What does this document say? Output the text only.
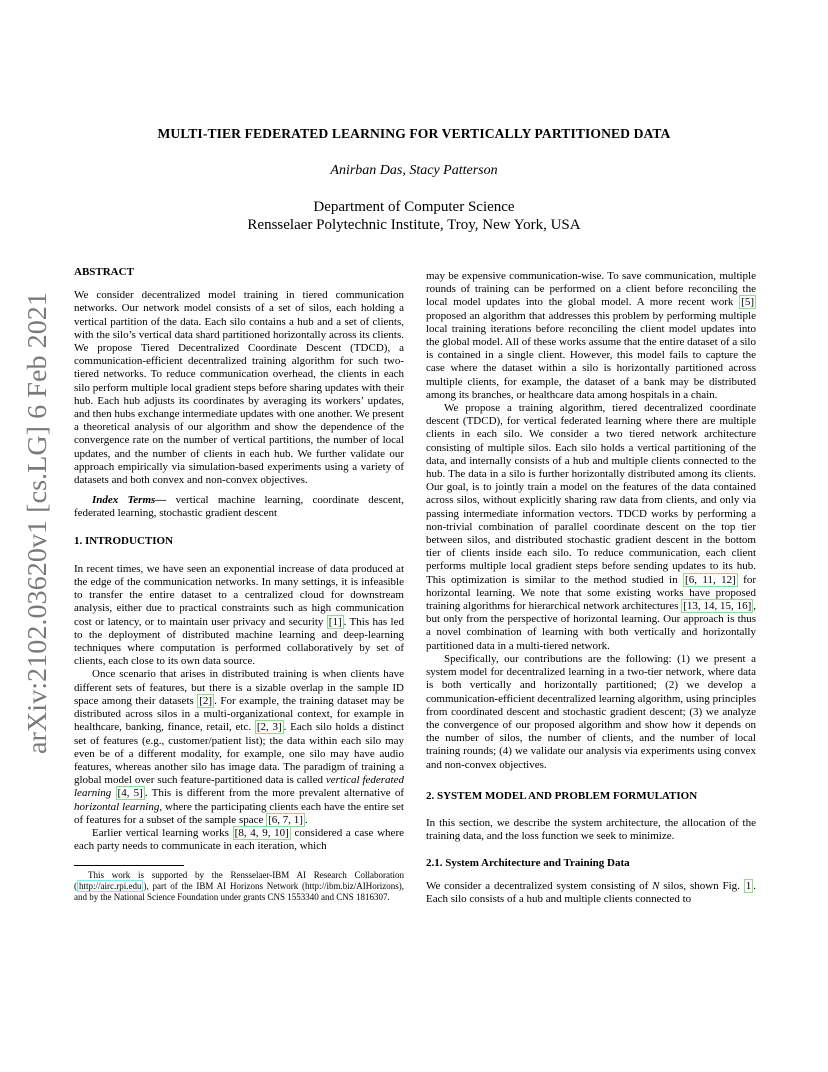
arXiv:2102.03620v1 [cs.LG] 6 Feb 2021
MULTI-TIER FEDERATED LEARNING FOR VERTICALLY PARTITIONED DATA
Anirban Das, Stacy Patterson
Department of Computer Science
Rensselaer Polytechnic Institute, Troy, New York, USA

ABSTRACT

We consider decentralized model training in tiered communication networks. Our network model consists of a set of silos, each holding a vertical partition of the data. Each silo contains a hub and a set of clients, with the silo’s vertical data shard partitioned horizontally across its clients. We propose Tiered Decentralized Coordinate Descent (TDCD), a communication-efficient decentralized training algorithm for such two-tiered networks. To reduce communication overhead, the clients in each silo perform multiple local gradient steps before sharing updates with their hub. Each hub adjusts its coordinates by averaging its workers’ updates, and then hubs exchange intermediate updates with one another. We present a theoretical analysis of our algorithm and show the dependence of the convergence rate on the number of vertical partitions, the number of local updates, and the number of clients in each hub. We further validate our approach empirically via simulation-based experiments using a variety of datasets and both convex and non-convex objectives.

Index Terms— vertical machine learning, coordinate descent, federated learning, stochastic gradient descent

1. INTRODUCTION

In recent times, we have seen an exponential increase of data produced at the edge of the communication networks. In many settings, it is infeasible to transfer the entire dataset to a centralized cloud for downstream analysis, either due to practical constraints such as high communication cost or latency, or to maintain user privacy and security [1] . This has led to the deployment of distributed machine learning and deep-learning techniques where computation is performed collaboratively by set of clients, each close to its own data source.

Once scenario that arises in distributed training is when clients have different sets of features, but there is a sizable overlap in the sample ID space among their datasets [2] . For example, the training dataset may be distributed across silos in a multi-organizational context, for example in healthcare, banking, finance, retail, etc. [2, 3] . Each silo holds a distinct set of features (e.g., customer/patient list); the data within each silo may even be of a different modality, for example, one silo may have audio features, whereas another silo has image data. The paradigm of training a global model over such feature-partitioned data is called vertical federated learning [4, 5] . This is different from the more prevalent alternative of horizontal learning, where the participating clients each have the entire set of features for a subset of the sample space [6, 7, 1] .

Earlier vertical learning works [8, 4, 9, 10] considered a case where each party needs to communicate in each iteration, which

This work is supported by the Rensselaer-IBM AI Research Collaboration ( http://airc.rpi.edu ), part of the IBM AI Horizons Network (http://ibm.biz/AIHorizons), and by the National Science Foundation under grants CNS 1553340 and CNS 1816307.

may be expensive communication-wise. To save communication, multiple rounds of training can be performed on a client before reconciling the local model updates into the global model. A more recent work [5] proposed an algorithm that addresses this problem by performing multiple local training iterations before reconciling the client model updates into the global model. All of these works assume that the entire dataset of a silo is contained in a single client. However, this model fails to capture the case where the dataset within a silo is horizontally partitioned across multiple clients, for example, the dataset of a bank may be distributed among its branches, or healthcare data among hospitals in a chain.

We propose a training algorithm, tiered decentralized coordinate descent (TDCD), for vertical federated learning where there are multiple clients in each silo. We consider a two tiered network architecture consisting of multiple silos. Each silo holds a vertical partitioning of the data, and internally consists of a hub and multiple clients connected to the hub. The data in a silo is further horizontally distributed among its clients. Our goal, is to jointly train a model on the features of the data contained across silos, without explicitly sharing raw data from clients, and only via passing intermediate information vectors. TDCD works by performing a non-trivial combination of parallel coordinate descent on the top tier between silos, and distributed stochastic gradient descent in the bottom tier of clients inside each silo. To reduce communication, each client performs multiple local gradient steps before sending updates to its hub. This optimization is similar to the method studied in [6, 11, 12] for horizontal learning. We note that some existing works have proposed training algorithms for hierarchical network architectures [13, 14, 15, 16] , but only from the perspective of horizontal learning. Our approach is thus a novel combination of learning with both vertically and horizontally partitioned data in a multi-tiered network.

Specifically, our contributions are the following: (1) we present a system model for decentralized learning in a two-tier network, where data is both vertically and horizontally partitioned; (2) we develop a communication-efficient decentralized learning algorithm, using principles from coordinated descent and stochastic gradient descent; (3) we analyze the convergence of our proposed algorithm and show how it depends on the number of silos, the number of clients, and the number of local training rounds; (4) we validate our analysis via experiments using convex and non-convex objectives.

2. SYSTEM MODEL AND PROBLEM FORMULATION

In this section, we describe the system architecture, the allocation of the training data, and the loss function we seek to minimize.

2.1. System Architecture and Training Data

We consider a decentralized system consisting of N silos, shown Fig. 1 . Each silo consists of a hub and multiple clients connected to
